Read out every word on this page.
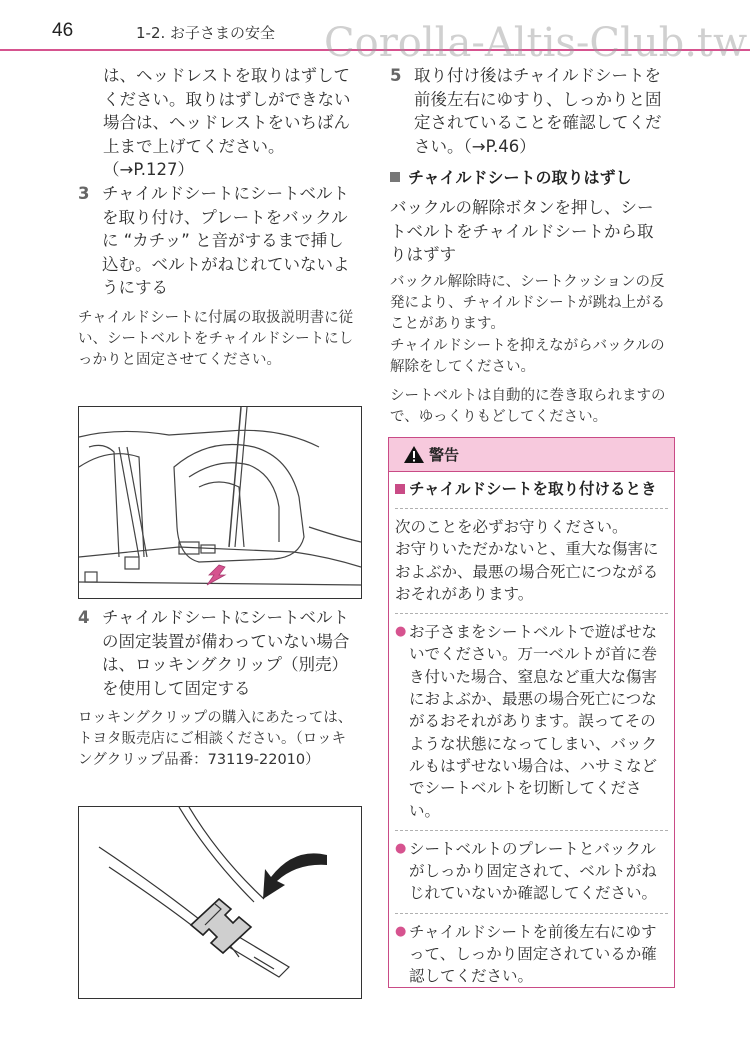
46	1-2. お子さまの安全 Corolla-Altis-Club.tw
は、ヘッドレストを取りはずしてください。取りはずしができない場合は、ヘッドレストをいちばん上まで上げてください。（→P.127）
3 チャイルドシートにシートベルトを取り付け、プレートをバックルに “カチッ” と音がするまで挿し込む。ベルトがねじれていないようにする
チャイルドシートに付属の取扱説明書に従い、シートベルトをチャイルドシートにしっかりと固定させてください。
4 チャイルドシートにシートベルトの固定装置が備わっていない場合は、ロッキングクリップ（別売）を使用して固定する
ロッキングクリップの購入にあたっては、トヨタ販売店にご相談ください。（ロッキングクリップ品番：73119-22010）
5 取り付け後はチャイルドシートを前後左右にゆすり、しっかりと固定されていることを確認してください。（→P.46）
チャイルドシートの取りはずし
バックルの解除ボタンを押し、シートベルトをチャイルドシートから取りはずす
バックル解除時に、シートクッションの反発により、チャイルドシートが跳ね上がることがあります。
チャイルドシートを抑えながらバックルの解除をしてください。
シートベルトは自動的に巻き取られますので、ゆっくりもどしてください。
警告
チャイルドシートを取り付けるとき
次のことを必ずお守りください。
お守りいただかないと、重大な傷害におよぶか、最悪の場合死亡につながるおそれがあります。
● お子さまをシートベルトで遊ばせないでください。万一ベルトが首に巻き付いた場合、窒息など重大な傷害におよぶか、最悪の場合死亡につながるおそれがあります。誤ってそのような状態になってしまい、バックルもはずせない場合は、ハサミなどでシートベルトを切断してください。
● シートベルトのプレートとバックルがしっかり固定されて、ベルトがねじれていないか確認してください。
● チャイルドシートを前後左右にゆすって、しっかり固定されているか確認してください。
